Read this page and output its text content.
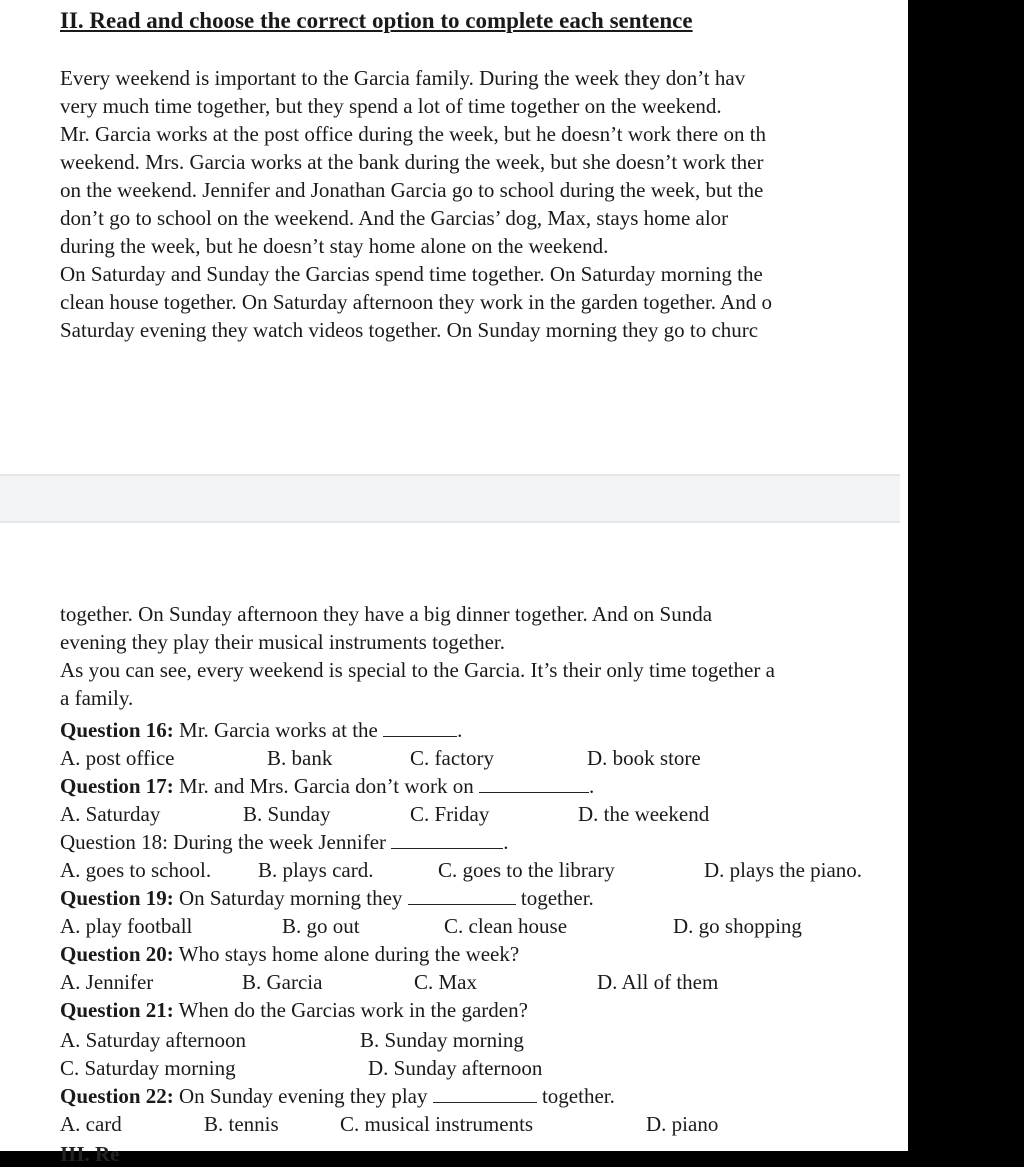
II. Read and choose the correct option to complete each sentence
Every weekend is important to the Garcia family. During the week they don’t hav
very much time together, but they spend a lot of time together on the weekend.
Mr. Garcia works at the post office during the week, but he doesn’t work there on th
weekend. Mrs. Garcia works at the bank during the week, but she doesn’t work ther
on the weekend. Jennifer and Jonathan Garcia go to school during the week, but the
don’t go to school on the weekend. And the Garcias’ dog, Max, stays home alor
during the week, but he doesn’t stay home alone on the weekend.
On Saturday and Sunday the Garcias spend time together. On Saturday morning the
clean house together. On Saturday afternoon they work in the garden together. And o
Saturday evening they watch videos together. On Sunday morning they go to churc
together. On Sunday afternoon they have a big dinner together. And on Sunda
evening they play their musical instruments together.
As you can see, every weekend is special to the Garcia. It’s their only time together a
a family.
Question 16: Mr. Garcia works at the	.
A. post office	B. bank	C. factory	D. book store
Question 17: Mr. and Mrs. Garcia don’t work on	.
A. Saturday	B. Sunday	C. Friday	D. the weekend
Question 18: During the week Jennifer	.
A. goes to school. B. plays card.	C. goes to the library	D. plays the piano.
Question 19: On Saturday morning they	together.
A. play football	B. go out	C. clean house	D. go shopping
Question 20: Who stays home alone during the week?
A. Jennifer	B. Garcia	C. Max	D. All of them
Question 21: When do the Garcias work in the garden?
A. Saturday afternoon	B. Sunday morning
C. Saturday morning	D. Sunday afternoon
Question 22: On Sunday evening they play	together.
A. card	B. tennis	C. musical instruments	D. piano
III. Re
